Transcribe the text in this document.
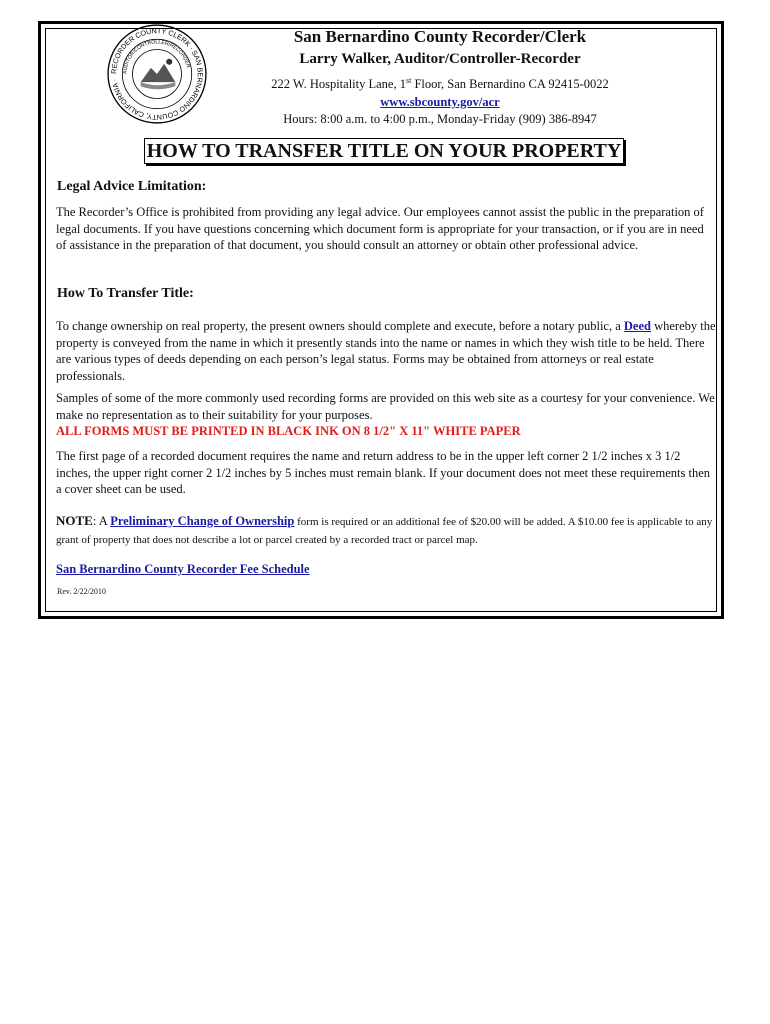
RECORDER COUNTY CLERK · SAN BERNARDINO COUNTY, CALIFORNIA ·
AUDITOR/CONTROLLER/RECORDER
San Bernardino County Recorder/Clerk
Larry Walker, Auditor/Controller-Recorder
222 W. Hospitality Lane, 1st Floor, San Bernardino CA 92415-0022
www.sbcounty.gov/acr
Hours: 8:00 a.m. to 4:00 p.m., Monday-Friday (909) 386-8947
HOW TO TRANSFER TITLE ON YOUR PROPERTY
Legal Advice Limitation:
The Recorder’s Office is prohibited from providing any legal advice. Our employees cannot assist the public in the preparation of legal documents. If you have questions concerning which document form is appropriate for your transaction, or if you are in need of assistance in the preparation of that document, you should consult an attorney or obtain other professional advice.
How To Transfer Title:
To change ownership on real property, the present owners should complete and execute, before a notary public, a Deed whereby the property is conveyed from the name in which it presently stands into the name or names in which they wish title to be held. There are various types of deeds depending on each person’s legal status. Forms may be obtained from attorneys or real estate professionals.
Samples of some of the more commonly used recording forms are provided on this web site as a courtesy for your convenience. We make no representation as to their suitability for your purposes.
ALL FORMS MUST BE PRINTED IN BLACK INK ON 8 1/2" X 11" WHITE PAPER
The first page of a recorded document requires the name and return address to be in the upper left corner 2 1/2 inches x 3 1/2 inches, the upper right corner 2 1/2 inches by 5 inches must remain blank. If your document does not meet these requirements then a cover sheet can be used.
NOTE: A Preliminary Change of Ownership form is required or an additional fee of $20.00 will be added. A $10.00 fee is applicable to any grant of property that does not describe a lot or parcel created by a recorded tract or parcel map.
San Bernardino County Recorder Fee Schedule
Rev. 2/22/2010
